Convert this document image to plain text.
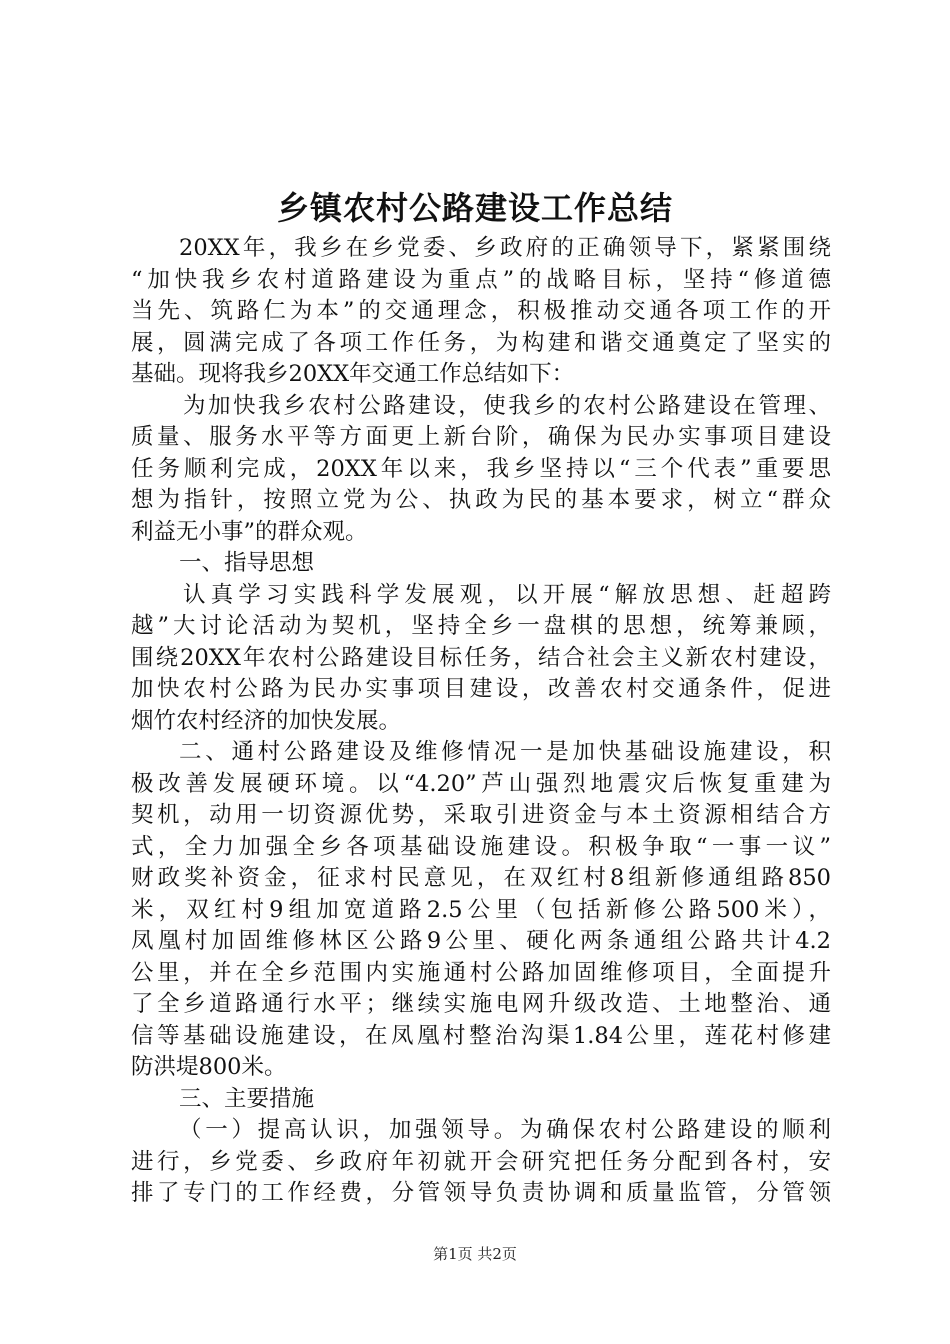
乡镇农村公路建设工作总结
20XX年，我乡在乡党委、乡政府的正确领导下，紧紧围绕
“加快我乡农村道路建设为重点”的战略目标，坚持“修道德
当先、筑路仁为本”的交通理念，积极推动交通各项工作的开
展，圆满完成了各项工作任务，为构建和谐交通奠定了坚实的
基础。现将我乡20XX年交通工作总结如下：
为加快我乡农村公路建设，使我乡的农村公路建设在管理、
质量、服务水平等方面更上新台阶，确保为民办实事项目建设
任务顺利完成，20XX年以来，我乡坚持以“三个代表”重要思
想为指针，按照立党为公、执政为民的基本要求，树立“群众
利益无小事”的群众观。
一、指导思想
认真学习实践科学发展观，以开展“解放思想、赶超跨
越”大讨论活动为契机，坚持全乡一盘棋的思想，统筹兼顾，
围绕20XX年农村公路建设目标任务，结合社会主义新农村建设，
加快农村公路为民办实事项目建设，改善农村交通条件，促进
烟竹农村经济的加快发展。
二、通村公路建设及维修情况一是加快基础设施建设，积
极改善发展硬环境。以“4.20”芦山强烈地震灾后恢复重建为
契机，动用一切资源优势，采取引进资金与本土资源相结合方
式，全力加强全乡各项基础设施建设。积极争取“一事一议”
财政奖补资金，征求村民意见，在双红村8组新修通组路850
米，双红村9组加宽道路2.5公里（包括新修公路500米），
凤凰村加固维修林区公路9公里、硬化两条通组公路共计4.2
公里，并在全乡范围内实施通村公路加固维修项目，全面提升
了全乡道路通行水平；继续实施电网升级改造、土地整治、通
信等基础设施建设，在凤凰村整治沟渠1.84公里，莲花村修建
防洪堤800米。
三、主要措施
（一）提高认识，加强领导。为确保农村公路建设的顺利
进行，乡党委、乡政府年初就开会研究把任务分配到各村，安
排了专门的工作经费，分管领导负责协调和质量监管，分管领
第1页 共2页
